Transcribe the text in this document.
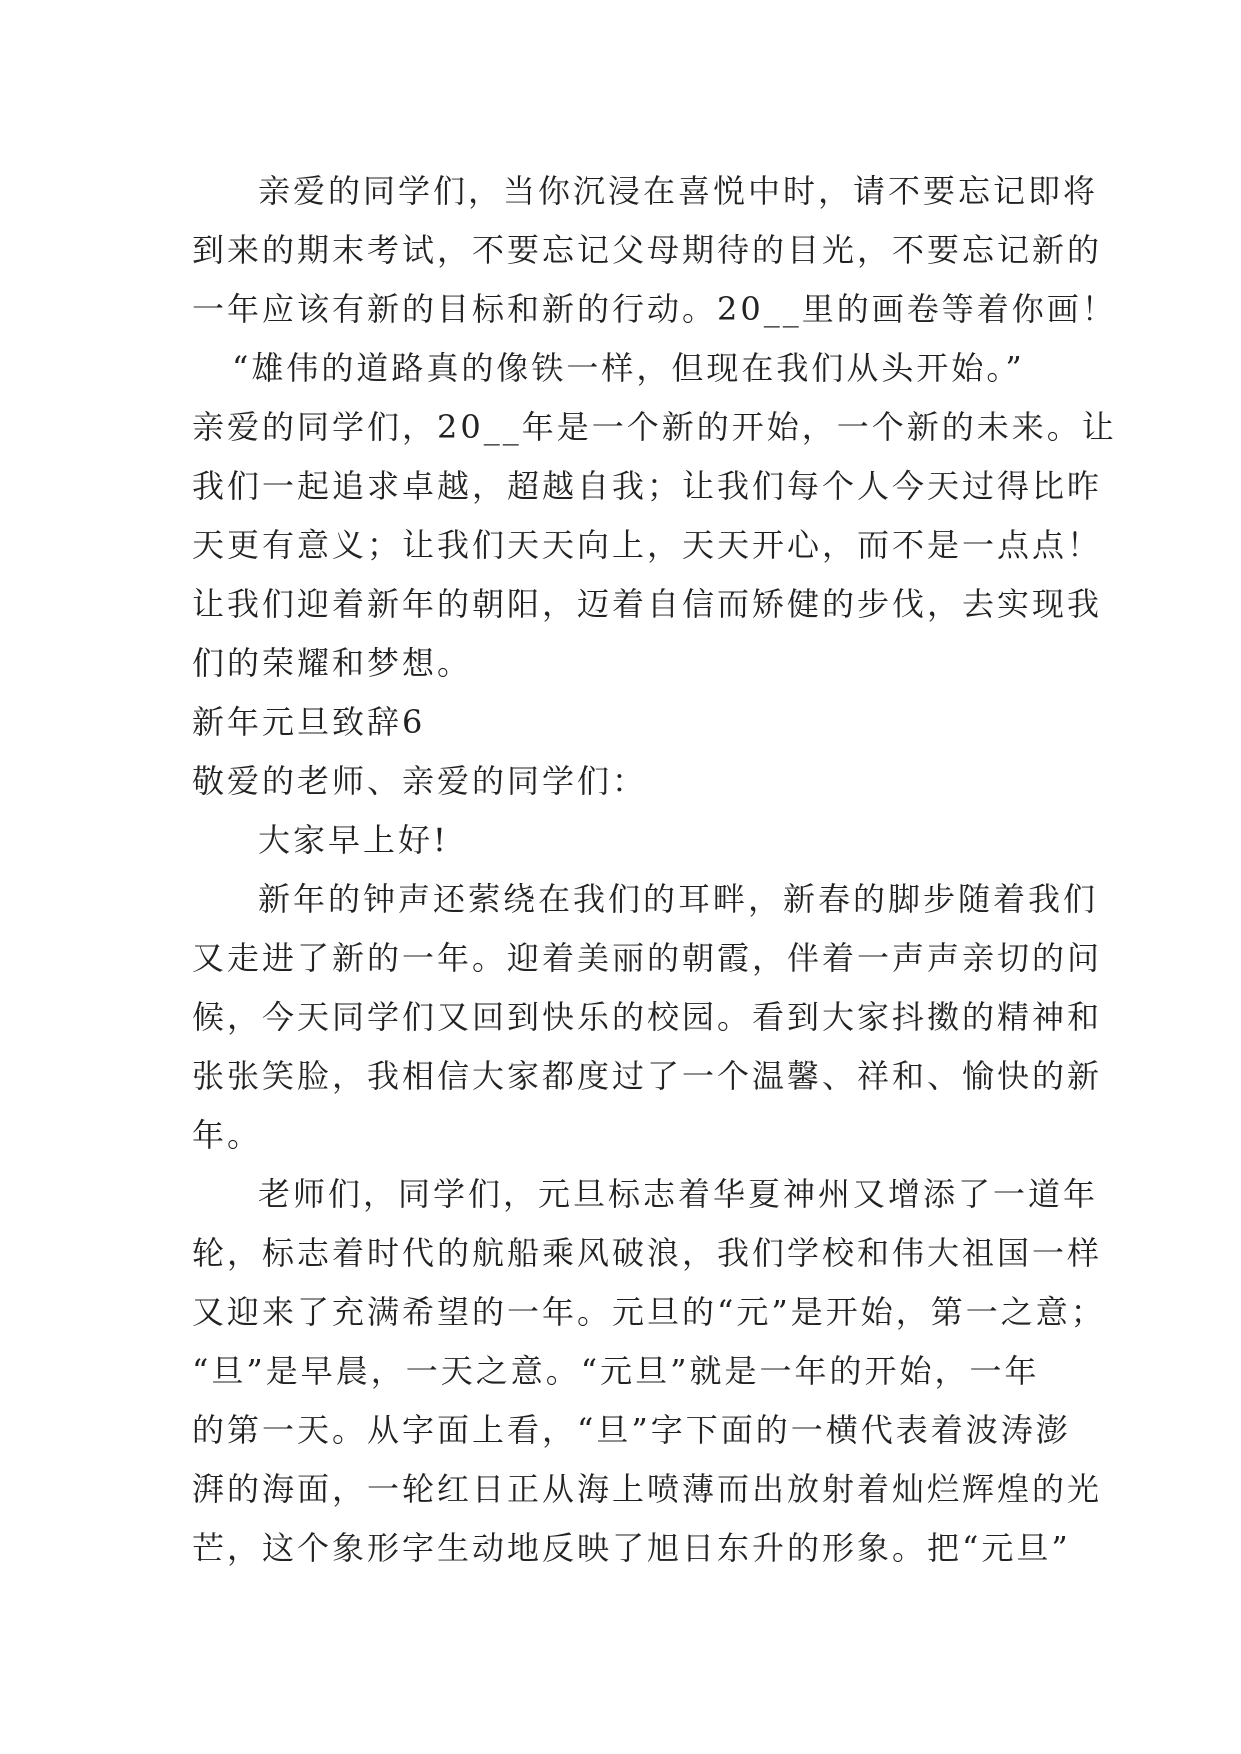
亲爱的同学们，当你沉浸在喜悦中时，请不要忘记即将
到来的期末考试，不要忘记父母期待的目光，不要忘记新的
一年应该有新的目标和新的行动。20__里的画卷等着你画！
“雄伟的道路真的像铁一样，但现在我们从头开始。”
亲爱的同学们，20__年是一个新的开始，一个新的未来。让
我们一起追求卓越，超越自我；让我们每个人今天过得比昨
天更有意义；让我们天天向上，天天开心，而不是一点点！
让我们迎着新年的朝阳，迈着自信而矫健的步伐，去实现我
们的荣耀和梦想。
新年元旦致辞6
敬爱的老师、亲爱的同学们：
大家早上好!
新年的钟声还萦绕在我们的耳畔，新春的脚步随着我们
又走进了新的一年。迎着美丽的朝霞，伴着一声声亲切的问
候，今天同学们又回到快乐的校园。看到大家抖擞的精神和
张张笑脸，我相信大家都度过了一个温馨、祥和、愉快的新
年。
老师们，同学们，元旦标志着华夏神州又增添了一道年
轮，标志着时代的航船乘风破浪，我们学校和伟大祖国一样
又迎来了充满希望的一年。元旦的“元”是开始，第一之意；
“旦”是早晨，一天之意。“元旦”就是一年的开始，一年
的第一天。从字面上看，“旦”字下面的一横代表着波涛澎
湃的海面，一轮红日正从海上喷薄而出放射着灿烂辉煌的光
芒，这个象形字生动地反映了旭日东升的形象。把“元旦”
